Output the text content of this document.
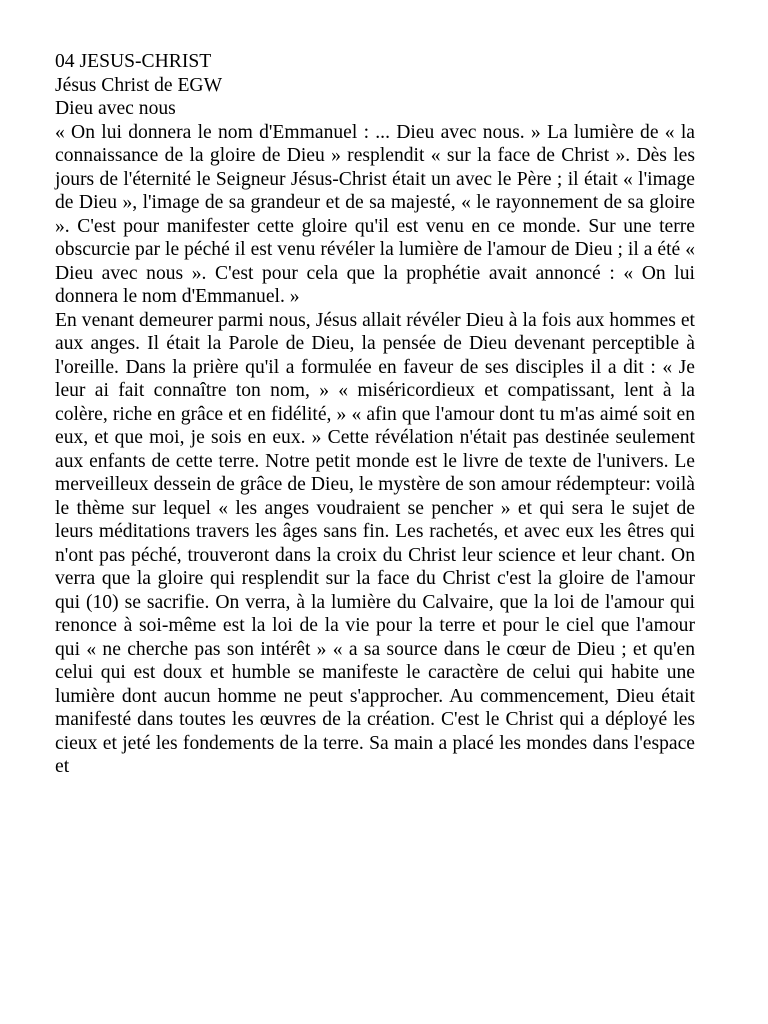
04 JESUS-CHRIST
Jésus Christ de EGW
Dieu avec nous

« On lui donnera le nom d'Emmanuel : ... Dieu avec nous. » La lumière de « la connaissance de la gloire de Dieu » resplendit « sur la face de Christ ». Dès les jours de l'éternité le Seigneur Jésus-Christ était un avec le Père ; il était « l'image de Dieu », l'image de sa grandeur et de sa majesté, « le rayonnement de sa gloire ». C'est pour manifester cette gloire qu'il est venu en ce monde. Sur une terre obscurcie par le péché il est venu révéler la lumière de l'amour de Dieu ; il a été « Dieu avec nous ». C'est pour cela que la prophétie avait annoncé : « On lui donnera le nom d'Emmanuel. »

En venant demeurer parmi nous, Jésus allait révéler Dieu à la fois aux hommes et aux anges. Il était la Parole de Dieu, la pensée de Dieu devenant perceptible à l'oreille. Dans la prière qu'il a formulée en faveur de ses disciples il a dit : « Je leur ai fait connaître ton nom, » « miséricordieux et compatissant, lent à la colère, riche en grâce et en fidélité, » « afin que l'amour dont tu m'as aimé soit en eux, et que moi, je sois en eux. » Cette révélation n'était pas destinée seulement aux enfants de cette terre. Notre petit monde est le livre de texte de l'univers. Le merveilleux dessein de grâce de Dieu, le mystère de son amour rédempteur: voilà le thème sur lequel « les anges voudraient se pencher » et qui sera le sujet de leurs méditations travers les âges sans fin. Les rachetés, et avec eux les êtres qui n'ont pas péché, trouveront dans la croix du Christ leur science et leur chant. On verra que la gloire qui resplendit sur la face du Christ c'est la gloire de l'amour qui (10) se sacrifie. On verra, à la lumière du Calvaire, que la loi de l'amour qui renonce à soi-même est la loi de la vie pour la terre et pour le ciel que l'amour qui « ne cherche pas son intérêt » « a sa source dans le cœur de Dieu ; et qu'en celui qui est doux et humble se manifeste le caractère de celui qui habite une lumière dont aucun homme ne peut s'approcher. Au commencement, Dieu était manifesté dans toutes les œuvres de la création. C'est le Christ qui a déployé les cieux et jeté les fondements de la terre. Sa main a placé les mondes dans l'espace et
